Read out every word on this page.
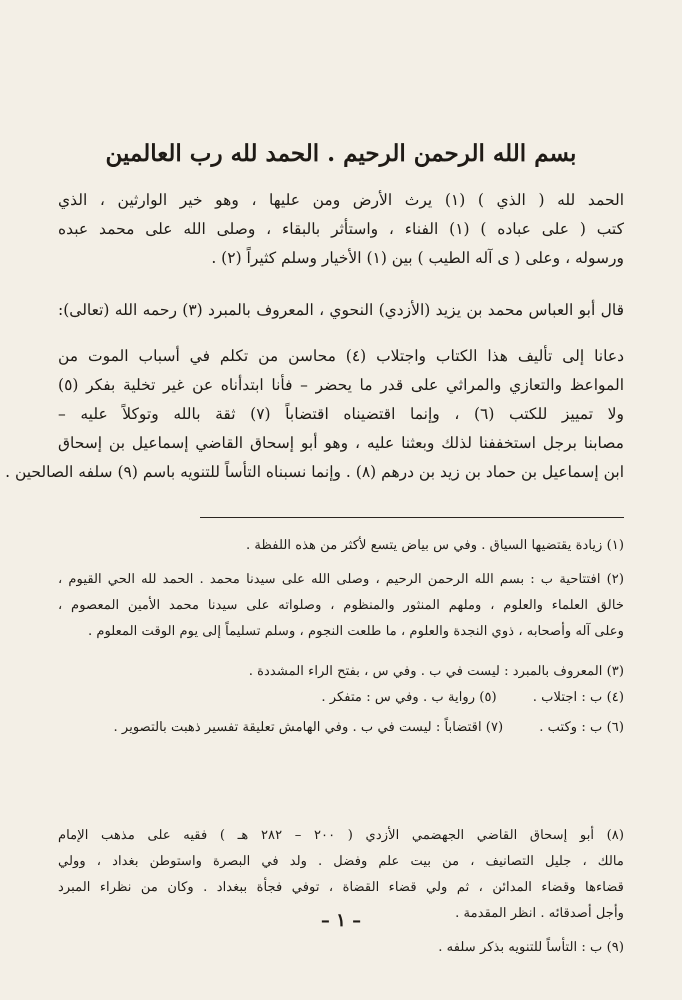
بسم الله الرحمن الرحيم . الحمد لله رب العالمين
الحمد لله ( الذي ) (١) يرث الأرض ومن عليها ، وهو خير الوارثين ، الذي
كتب ( على عباده ) (١) الفناء ، واستأثر بالبقاء ، وصلى الله على محمد عبده
ورسوله ، وعلى ( ى آله الطيب ) بين (١) الأخيار وسلم كثيراً (٢) .
قال أبو العباس محمد بن يزيد (الأزدي) النحوي ، المعروف بالمبرد (٣) رحمه الله (تعالى):
دعانا إلى تأليف هذا الكتاب واجتلاب (٤) محاسن من تكلم في أسباب الموت من
المواعظ والتعازي والمراثي على قدر ما يحضر – فأنا ابتدأناه عن غير تخلية بفكر (٥)
ولا تمييز للكتب (٦) ، وإنما اقتضيناه اقتضاباً (٧) ثقة بالله وتوكلاً عليه –
مصابنا برجل استخففنا لذلك وبعثنا عليه ، وهو أبو إسحاق القاضي إسماعيل بن إسحاق
ابن إسماعيل بن حماد بن زيد بن درهم (٨) . وإنما نسبناه التأساً للتنويه باسم (٩) سلفه الصالحين .
(١) زيادة يقتضيها السياق . وفي س بياض يتسع لأكثر من هذه اللفظة .
(٢) افتتاحية ب : بسم الله الرحمن الرحيم ، وصلى الله على سيدنا محمد . الحمد لله الحي القيوم ،
خالق العلماء والعلوم ، وملهم المنثور والمنظوم ، وصلواته على سيدنا محمد الأمين المعصوم ،
وعلى آله وأصحابه ، ذوي النجدة والعلوم ، ما طلعت النجوم ، وسلم تسليماً إلى يوم الوقت المعلوم .
(٣) المعروف بالمبرد : ليست في ب . وفي س ، بفتح الراء المشددة .
(٤) ب : اجتلاب .
(٥) رواية ب . وفي س : متفكر .
(٦) ب : وكتب .
(٧) اقتضاباً : ليست في ب . وفي الهامش تعليقة تفسير ذهبت بالتصوير .
(٨) أبو إسحاق القاضي الجهضمي الأزدي ( ٢٠٠ – ٢٨٢ هـ ) فقيه على مذهب الإمام
مالك ، جليل التصانيف ، من بيت علم وفضل . ولد في البصرة واستوطن بغداد ، وولي
قضاءها وقضاء المدائن ، ثم ولي قضاء القضاة ، توفي فجأة ببغداد . وكان من نظراء المبرد
وأجل أصدقائه . انظر المقدمة .
(٩) ب : التأساً للتنويه بذكر سلفه .
– ١ –
